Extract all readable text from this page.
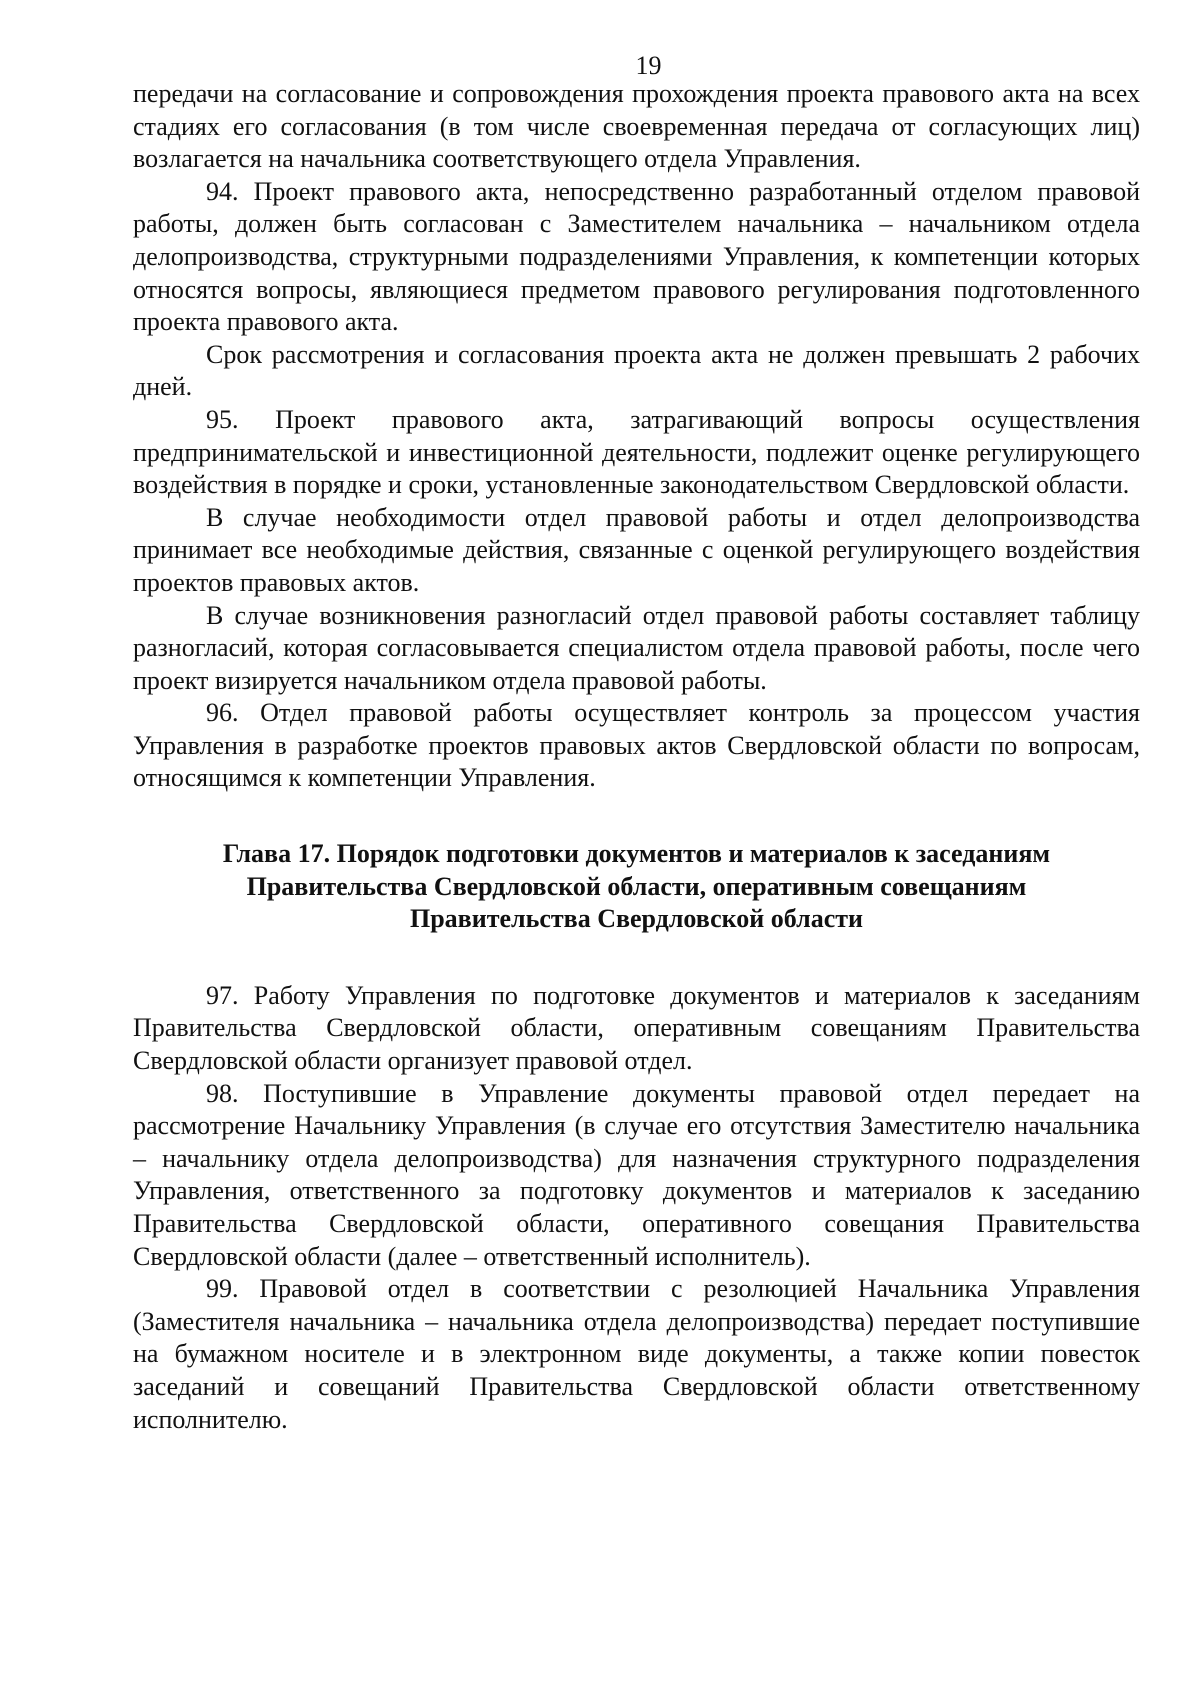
19

передачи на согласование и сопровождения прохождения проекта правового акта на всех стадиях его согласования (в том числе своевременная передача от согласующих лиц) возлагается на начальника соответствующего отдела Управления.

94. Проект правового акта, непосредственно разработанный отделом правовой работы, должен быть согласован с Заместителем начальника – начальником отдела делопроизводства, структурными подразделениями Управления, к компетенции которых относятся вопросы, являющиеся предметом правового регулирования подготовленного проекта правового акта.

Срок рассмотрения и согласования проекта акта не должен превышать 2 рабочих дней.

95. Проект правового акта, затрагивающий вопросы осуществления предпринимательской и инвестиционной деятельности, подлежит оценке регулирующего воздействия в порядке и сроки, установленные законодательством Свердловской области.

В случае необходимости отдел правовой работы и отдел делопроизводства принимает все необходимые действия, связанные с оценкой регулирующего воздействия проектов правовых актов.

В случае возникновения разногласий отдел правовой работы составляет таблицу разногласий, которая согласовывается специалистом отдела правовой работы, после чего проект визируется начальником отдела правовой работы.

96. Отдел правовой работы осуществляет контроль за процессом участия Управления в разработке проектов правовых актов Свердловской области по вопросам, относящимся к компетенции Управления.

Глава 17. Порядок подготовки документов и материалов к заседаниям
Правительства Свердловской области, оперативным совещаниям
Правительства Свердловской области

97. Работу Управления по подготовке документов и материалов к заседаниям Правительства Свердловской области, оперативным совещаниям Правительства Свердловской области организует правовой отдел.

98. Поступившие в Управление документы правовой отдел передает на рассмотрение Начальнику Управления (в случае его отсутствия Заместителю начальника – начальнику отдела делопроизводства) для назначения структурного подразделения Управления, ответственного за подготовку документов и материалов к заседанию Правительства Свердловской области, оперативного совещания Правительства Свердловской области (далее – ответственный исполнитель).

99. Правовой отдел в соответствии с резолюцией Начальника Управления (Заместителя начальника – начальника отдела делопроизводства) передает поступившие на бумажном носителе и в электронном виде документы, а также копии повесток заседаний и совещаний Правительства Свердловской области ответственному исполнителю.
